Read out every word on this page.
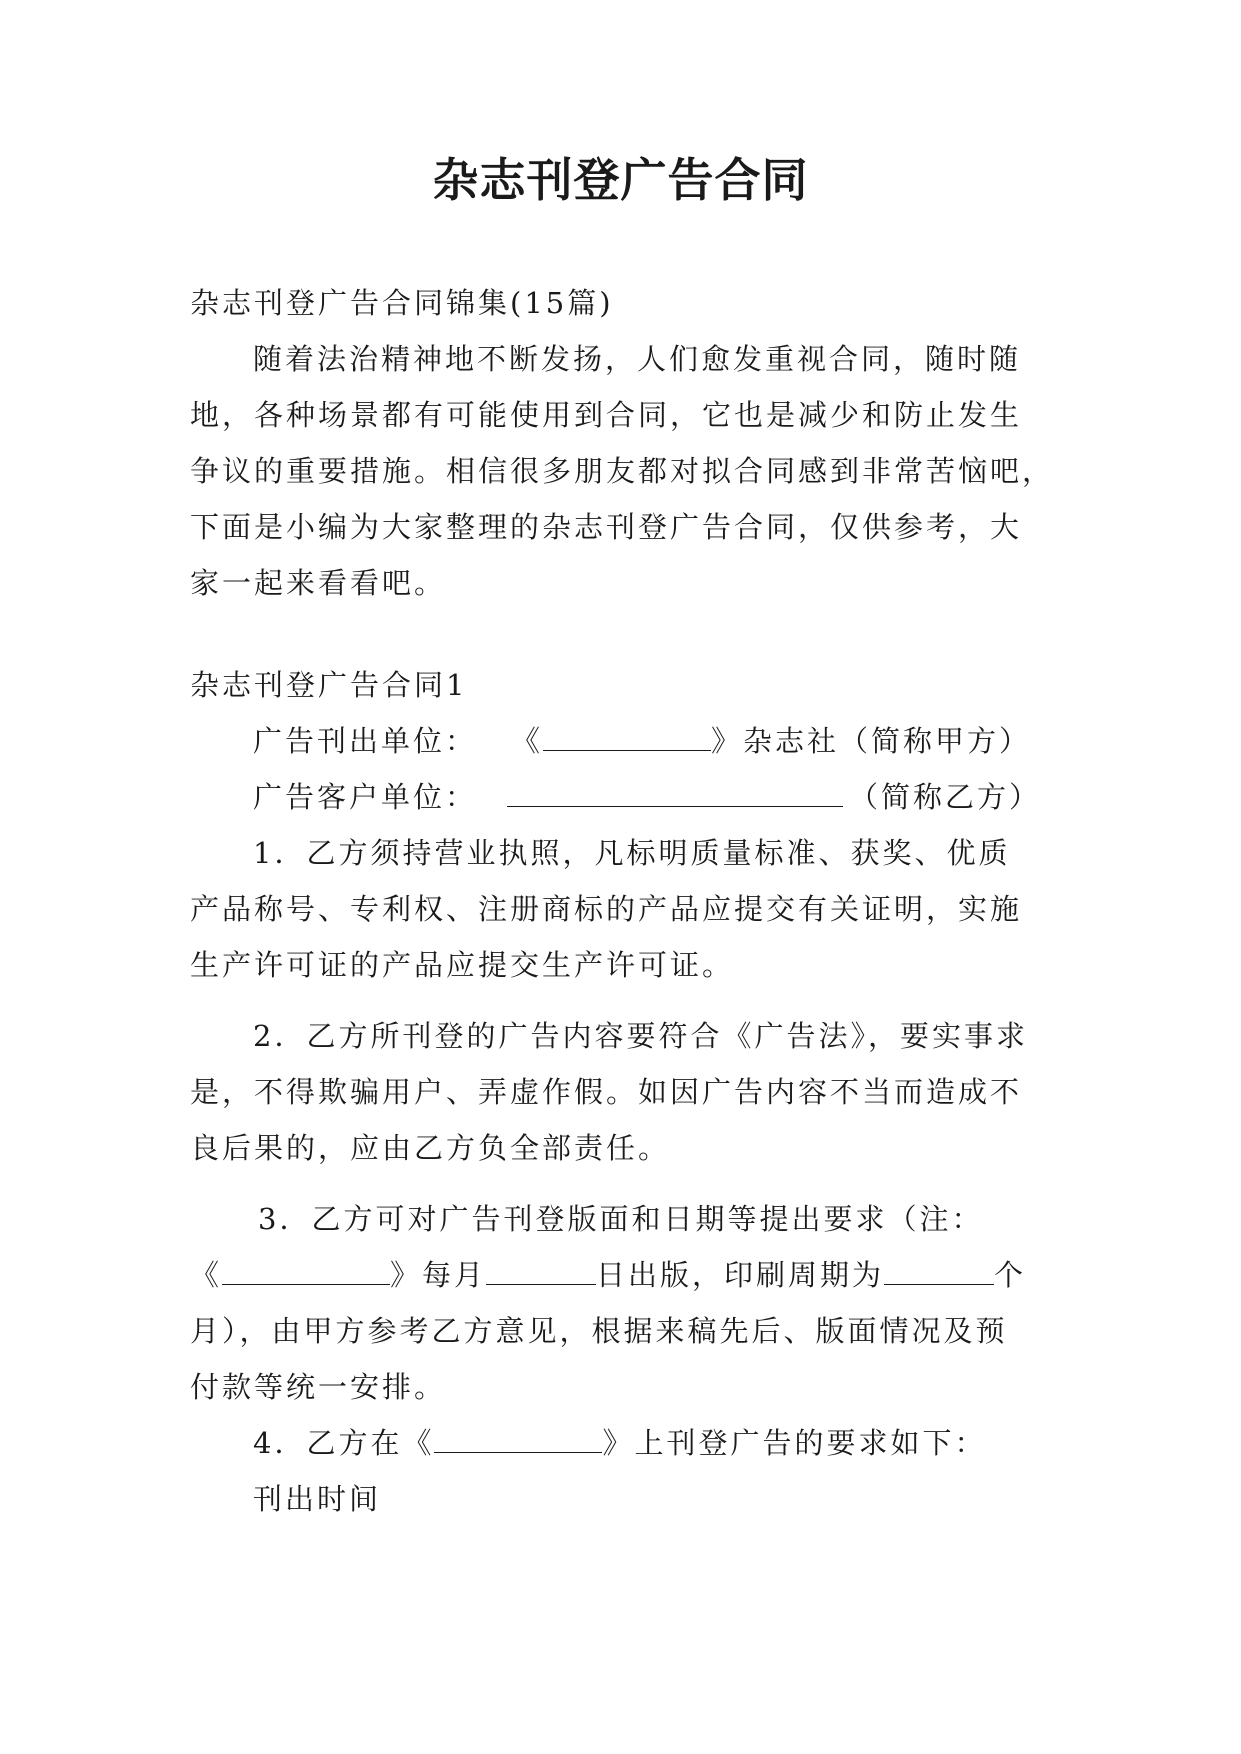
杂志刊登广告合同
杂志刊登广告合同锦集(15篇)
随着法治精神地不断发扬，人们愈发重视合同，随时随
地，各种场景都有可能使用到合同，它也是减少和防止发生
争议的重要措施。相信很多朋友都对拟合同感到非常苦恼吧，
下面是小编为大家整理的杂志刊登广告合同，仅供参考，大
家一起来看看吧。
杂志刊登广告合同1
广告刊出单位： 《	》杂志社（简称甲方）
广告客户单位：	（简称乙方）
1．乙方须持营业执照，凡标明质量标准、获奖、优质
产品称号、专利权、注册商标的产品应提交有关证明，实施
生产许可证的产品应提交生产许可证。
2．乙方所刊登的广告内容要符合《广告法》，要实事求
是，不得欺骗用户、弄虚作假。如因广告内容不当而造成不
良后果的，应由乙方负全部责任。
3．乙方可对广告刊登版面和日期等提出要求（注：
《	》每月	日出版，印刷周期为	个
月），由甲方参考乙方意见，根据来稿先后、版面情况及预
付款等统一安排。
4．乙方在《	》上刊登广告的要求如下：
刊出时间
